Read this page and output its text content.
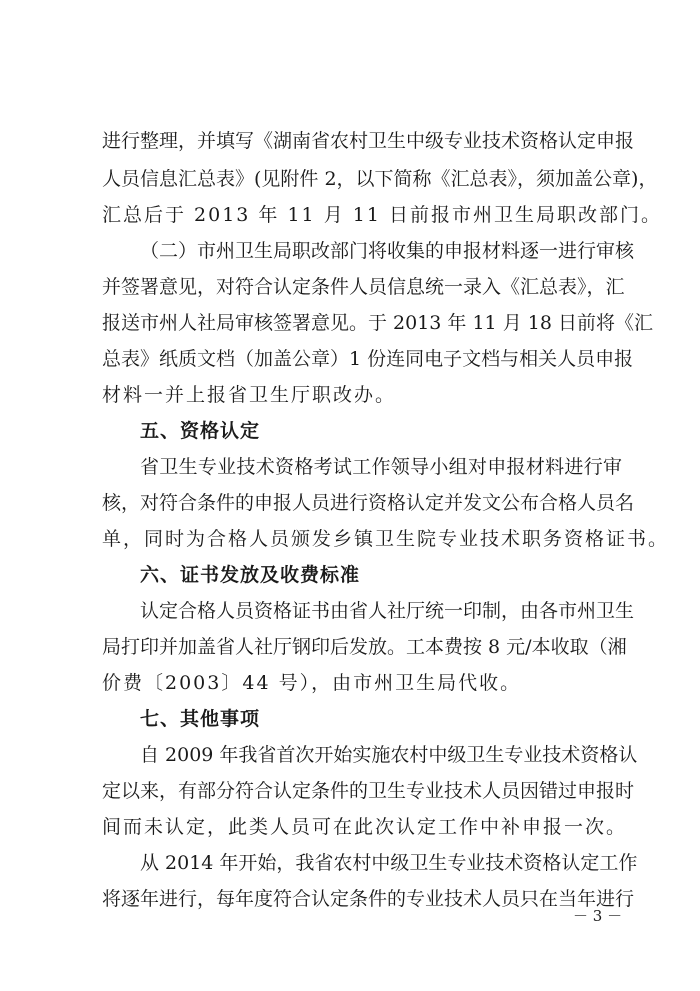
进行整理，并填写《湖南省农村卫生中级专业技术资格认定申报
人员信息汇总表》(见附件 2，以下简称《汇总表》，须加盖公章)，
汇总后于 2013 年 11 月 11 日前报市州卫生局职改部门。
（二）市州卫生局职改部门将收集的申报材料逐一进行审核
并签署意见，对符合认定条件人员信息统一录入《汇总表》，汇
报送市州人社局审核签署意见。于 2013 年 11 月 18 日前将《汇
总表》纸质文档（加盖公章）1 份连同电子文档与相关人员申报
材料一并上报省卫生厅职改办。
五、资格认定
省卫生专业技术资格考试工作领导小组对申报材料进行审
核，对符合条件的申报人员进行资格认定并发文公布合格人员名
单，同时为合格人员颁发乡镇卫生院专业技术职务资格证书。
六、证书发放及收费标准
认定合格人员资格证书由省人社厅统一印制，由各市州卫生
局打印并加盖省人社厅钢印后发放。工本费按 8 元/本收取（湘
价费〔2003〕44 号），由市州卫生局代收。
七、其他事项
自 2009 年我省首次开始实施农村中级卫生专业技术资格认
定以来，有部分符合认定条件的卫生专业技术人员因错过申报时
间而未认定，此类人员可在此次认定工作中补申报一次。
从 2014 年开始，我省农村中级卫生专业技术资格认定工作
将逐年进行，每年度符合认定条件的专业技术人员只在当年进行
－ 3 －
